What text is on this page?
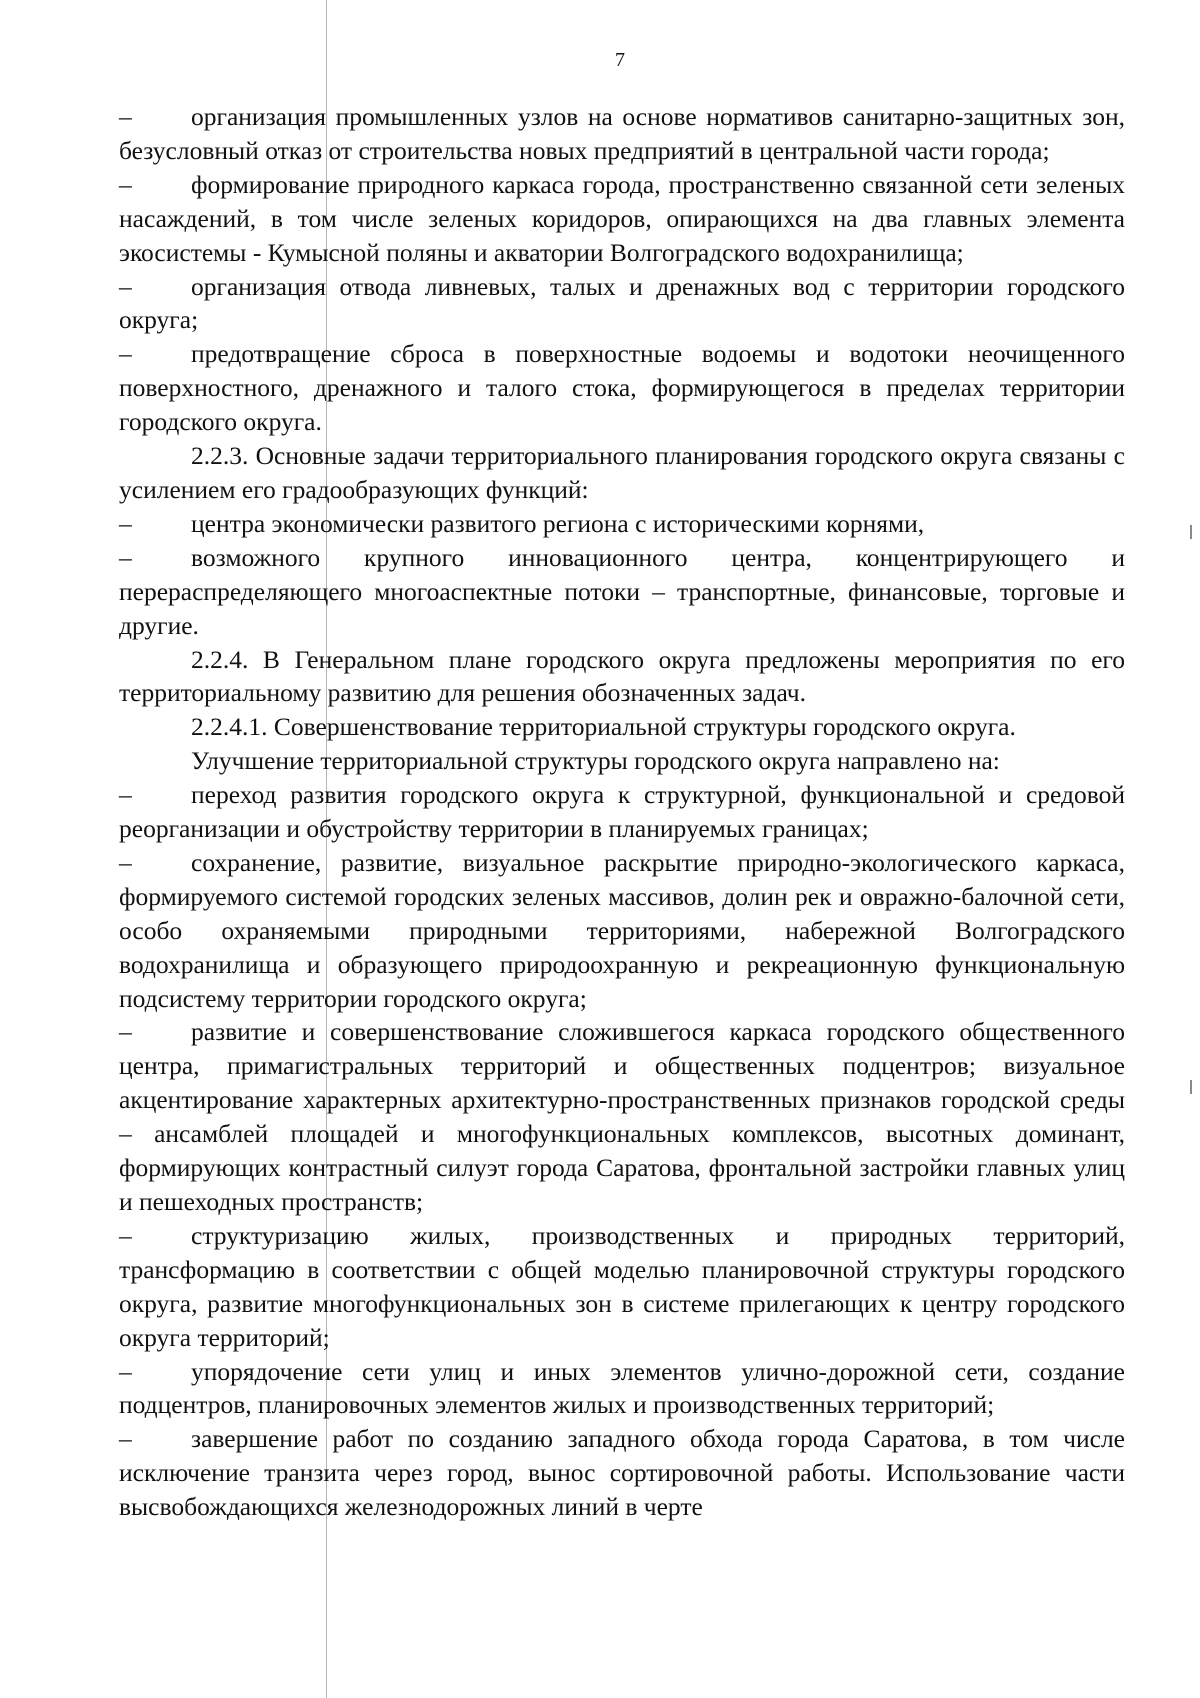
7

– организация промышленных узлов на основе нормативов санитарно-защитных зон, безусловный отказ от строительства новых предприятий в центральной части города;

– формирование природного каркаса города, пространственно связанной сети зеленых насаждений, в том числе зеленых коридоров, опирающихся на два главных элемента экосистемы - Кумысной поляны и акватории Волгоградского водохранилища;

– организация отвода ливневых, талых и дренажных вод с территории городского округа;

– предотвращение сброса в поверхностные водоемы и водотоки неочищенного поверхностного, дренажного и талого стока, формирующегося в пределах территории городского округа.

2.2.3. Основные задачи территориального планирования городского округа связаны с усилением его градообразующих функций:

– центра экономически развитого региона с историческими корнями,

– возможного крупного инновационного центра, концентрирующего и перераспределяющего многоаспектные потоки – транспортные, финансовые, торговые и другие.

2.2.4. В Генеральном плане городского округа предложены мероприятия по его территориальному развитию для решения обозначенных задач.

2.2.4.1. Совершенствование территориальной структуры городского округа.

Улучшение территориальной структуры городского округа направлено на:

– переход развития городского округа к структурной, функциональной и средовой реорганизации и обустройству территории в планируемых границах;

– сохранение, развитие, визуальное раскрытие природно-экологического каркаса, формируемого системой городских зеленых массивов, долин рек и овражно-балочной сети, особо охраняемыми природными территориями, набережной Волгоградского водохранилища и образующего природоохранную и рекреационную функциональную подсистему территории городского округа;

– развитие и совершенствование сложившегося каркаса городского общественного центра, примагистральных территорий и общественных подцентров; визуальное акцентирование характерных архитектурно-пространственных признаков городской среды – ансамблей площадей и многофункциональных комплексов, высотных доминант, формирующих контрастный силуэт города Саратова, фронтальной застройки главных улиц и пешеходных пространств;

– структуризацию жилых, производственных и природных территорий, трансформацию в соответствии с общей моделью планировочной структуры городского округа, развитие многофункциональных зон в системе прилегающих к центру городского округа территорий;

– упорядочение сети улиц и иных элементов улично-дорожной сети, создание подцентров, планировочных элементов жилых и производственных территорий;

– завершение работ по созданию западного обхода города Саратова, в том числе исключение транзита через город, вынос сортировочной работы. Использование части высвобождающихся железнодорожных линий в черте
